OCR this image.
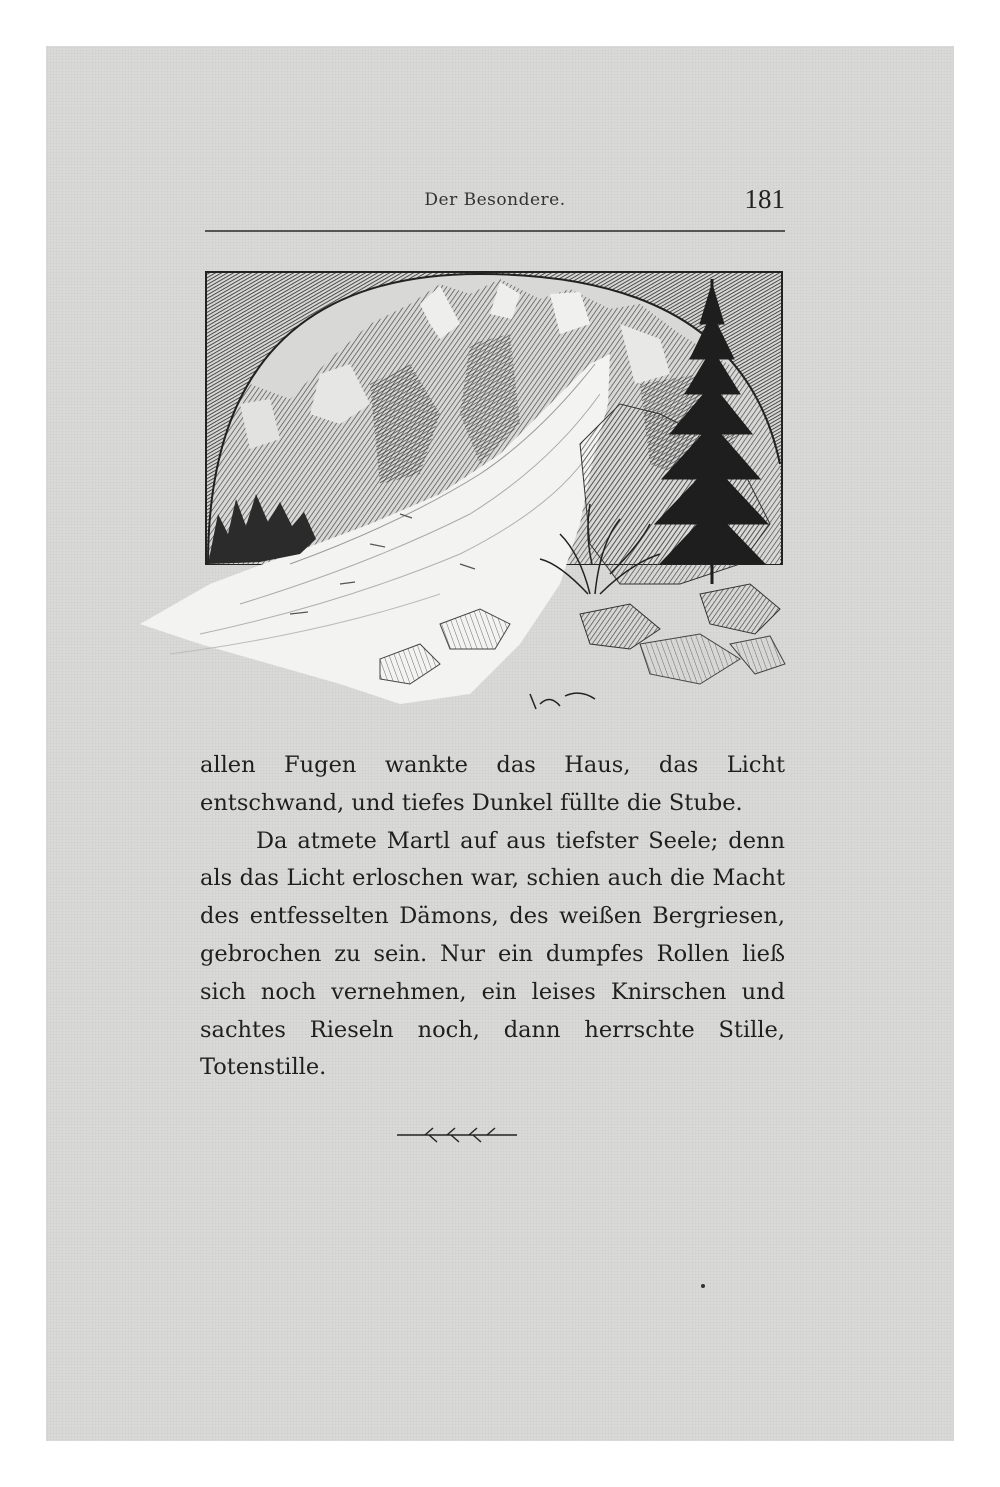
Der Besondere.	181

allen Fugen wankte das Haus, das Licht entschwand, und tiefes Dunkel füllte die Stube.

Da atmete Martl auf aus tiefster Seele; denn als das Licht erloschen war, schien auch die Macht des entfesselten Dämons, des weißen Bergriesen, gebrochen zu sein. Nur ein dumpfes Rollen ließ sich noch vernehmen, ein leises Knirschen und sachtes Rieseln noch, dann herrschte Stille, Totenstille.
